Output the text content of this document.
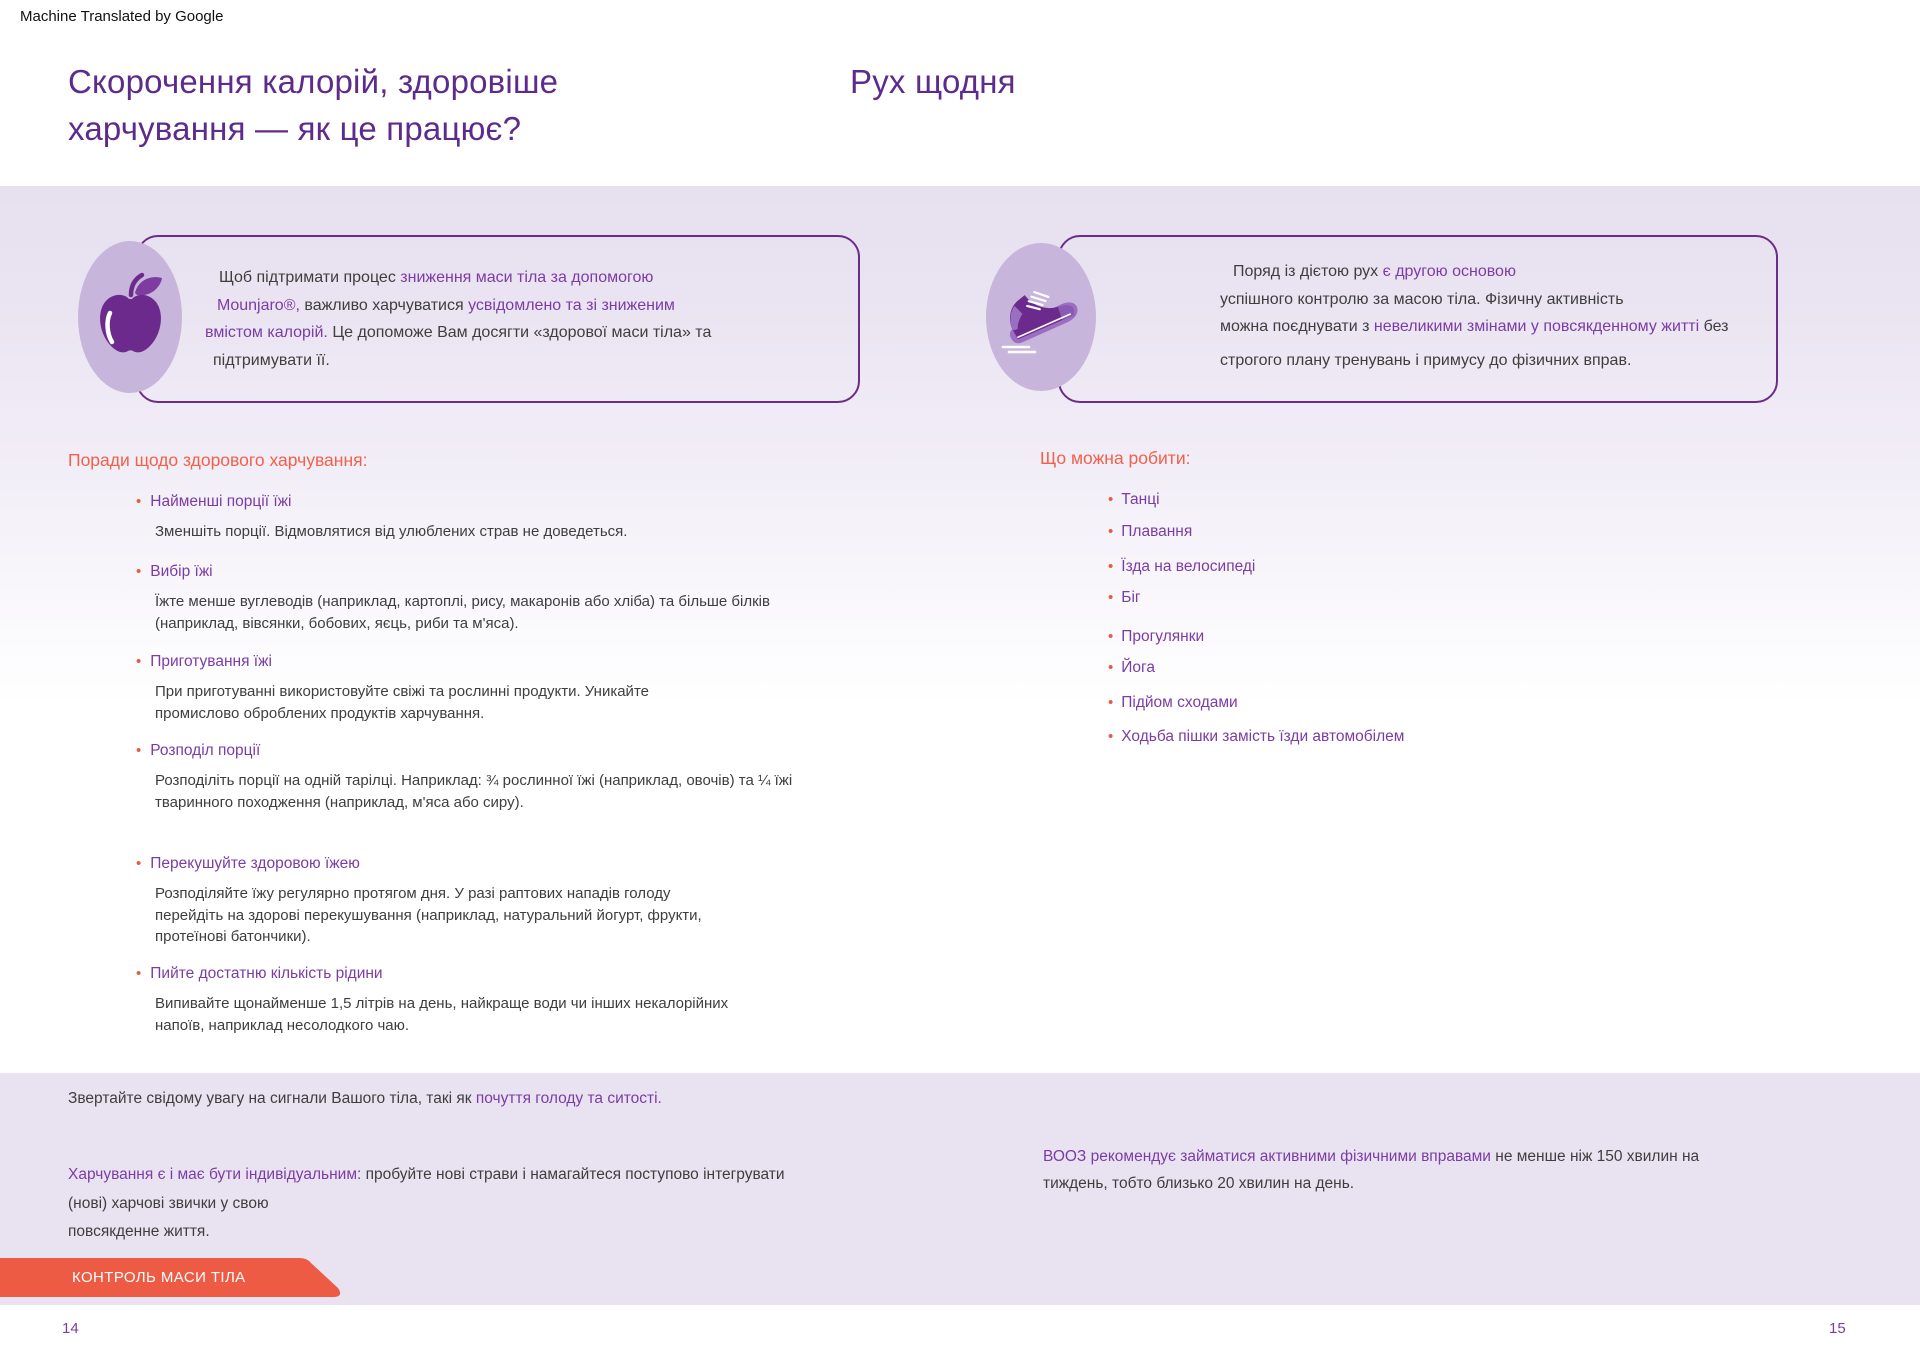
Machine Translated by Google
Скорочення калорій, здоровіше
харчування — як це працює?
Рух щодня
Щоб підтримати процес зниження маси тіла за допомогою
Mounjaro®, важливо харчуватися усвідомлено та зі зниженим
вмістом калорій. Це допоможе Вам досягти «здорової маси тіла» та
підтримувати її.
Поряд із дієтою рух є другою основою
успішного контролю за масою тіла. Фізичну активність
можна поєднувати з невеликими змінами у повсякденному житті без
строгого плану тренувань і примусу до фізичних вправ.
Поради щодо здорового харчування:
• Найменші порції їжі
Зменшіть порції. Відмовлятися від улюблених страв не доведеться.
• Вибір їжі
Їжте менше вуглеводів (наприклад, картоплі, рису, макаронів або хліба) та більше білків
(наприклад, вівсянки, бобових, яєць, риби та м'яса).
• Приготування їжі
При приготуванні використовуйте свіжі та рослинні продукти. Уникайте
промислово оброблених продуктів харчування.
• Розподіл порції
Розподіліть порції на одній тарілці. Наприклад: ¾ рослинної їжі (наприклад, овочів) та ¼ їжі
тваринного походження (наприклад, м'яса або сиру).
• Перекушуйте здоровою їжею
Розподіляйте їжу регулярно протягом дня. У разі раптових нападів голоду
перейдіть на здорові перекушування (наприклад, натуральний йогурт, фрукти,
протеїнові батончики).
• Пийте достатню кількість рідини
Випивайте щонайменше 1,5 літрів на день, найкраще води чи інших некалорійних
напоїв, наприклад несолодкого чаю.
Що можна робити:
• Танці
• Плавання
• Їзда на велосипеді
• Біг
• Прогулянки
• Йога
• Підйом сходами
• Ходьба пішки замість їзди автомобілем
Звертайте свідому увагу на сигнали Вашого тіла, такі як почуття голоду та ситості.
Харчування є і має бути індивідуальним: пробуйте нові страви і намагайтеся поступово інтегрувати
(нові) харчові звички у свою
повсякденне життя.
ВООЗ рекомендує займатися активними фізичними вправами не менше ніж 150 хвилин на
тиждень, тобто близько 20 хвилин на день.
КОНТРОЛЬ МАСИ ТІЛА
14	15
